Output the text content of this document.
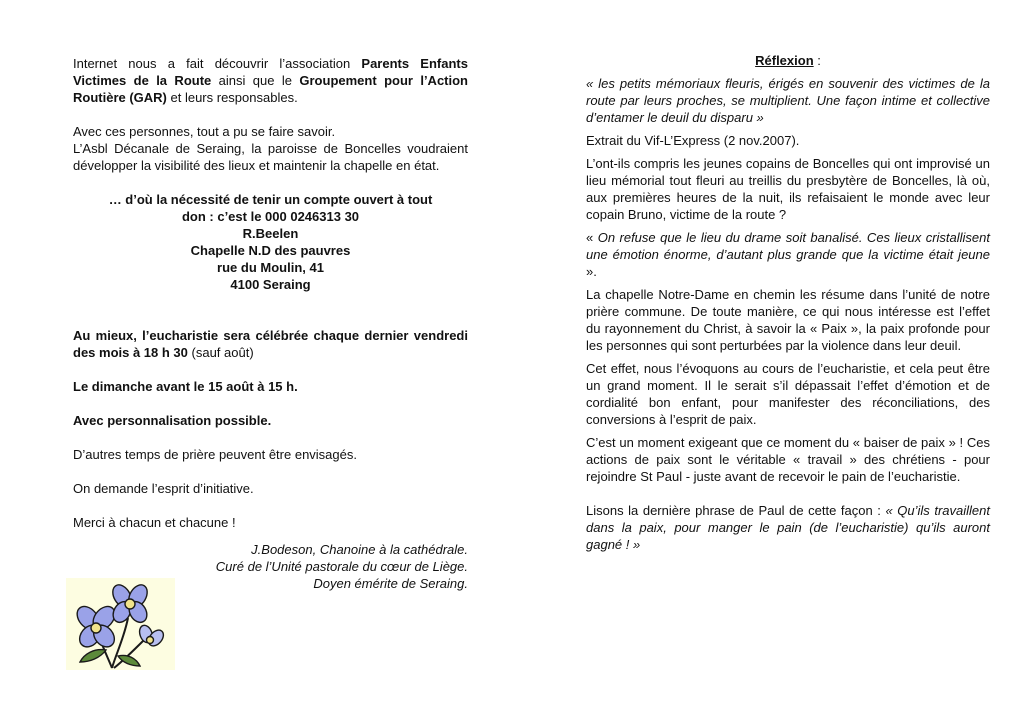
Internet nous a fait découvrir l’association Parents Enfants Victimes de la Route ainsi que le Groupement pour l’Action Routière (GAR) et leurs responsables.

Avec ces personnes, tout a pu se faire savoir.

L’Asbl Décanale de Seraing, la paroisse de Boncelles voudraient développer la visibilité des lieux et maintenir la chapelle en état.

… d’où la nécessité de tenir un compte ouvert à tout

don : c’est le 000 0246313 30

R.Beelen

Chapelle N.D des pauvres

rue du Moulin, 41

4100 Seraing

Au mieux, l’eucharistie sera célébrée chaque dernier vendredi des mois à 18 h 30 (sauf août)

Le dimanche avant le 15 août à 15 h.

Avec personnalisation possible.

D’autres temps de prière peuvent être envisagés.

On demande l’esprit d’initiative.

Merci à chacun et chacune !

J.Bodeson, Chanoine à la cathédrale.

Curé de l’Unité pastorale du cœur de Liège.

Doyen émérite de Seraing.

Réflexion :

« les petits mémoriaux fleuris, érigés en souvenir des victimes de la route par leurs proches, se multiplient. Une façon intime et collective d’entamer le deuil du disparu »

Extrait du Vif-L’Express (2 nov.2007).

L’ont-ils compris les jeunes copains de Boncelles qui ont improvisé un lieu mémorial tout fleuri au treillis du presbytère de Boncelles, là où, aux premières heures de la nuit, ils refaisaient le monde avec leur copain Bruno, victime de la route ?

« On refuse que le lieu du drame soit banalisé. Ces lieux cristallisent une émotion énorme, d’autant plus grande que la victime était jeune ».

La chapelle Notre-Dame en chemin les résume dans l’unité de notre prière commune. De toute manière, ce qui nous intéresse est l’effet du rayonnement du Christ, à savoir la « Paix », la paix profonde pour les personnes qui sont perturbées par la violence dans leur deuil.

Cet effet, nous l’évoquons au cours de l’eucharistie, et cela peut être un grand moment. Il le serait s’il dépassait l’effet d’émotion et de cordialité bon enfant, pour manifester des réconciliations, des conversions à l’esprit de paix.

C’est un moment exigeant que ce moment du « baiser de paix » ! Ces actions de paix sont le véritable « travail » des chrétiens - pour rejoindre St Paul - juste avant de recevoir le pain de l’eucharistie.

Lisons la dernière phrase de Paul de cette façon : « Qu’ils travaillent dans la paix, pour manger le pain (de l’eucharistie) qu’ils auront gagné ! »
